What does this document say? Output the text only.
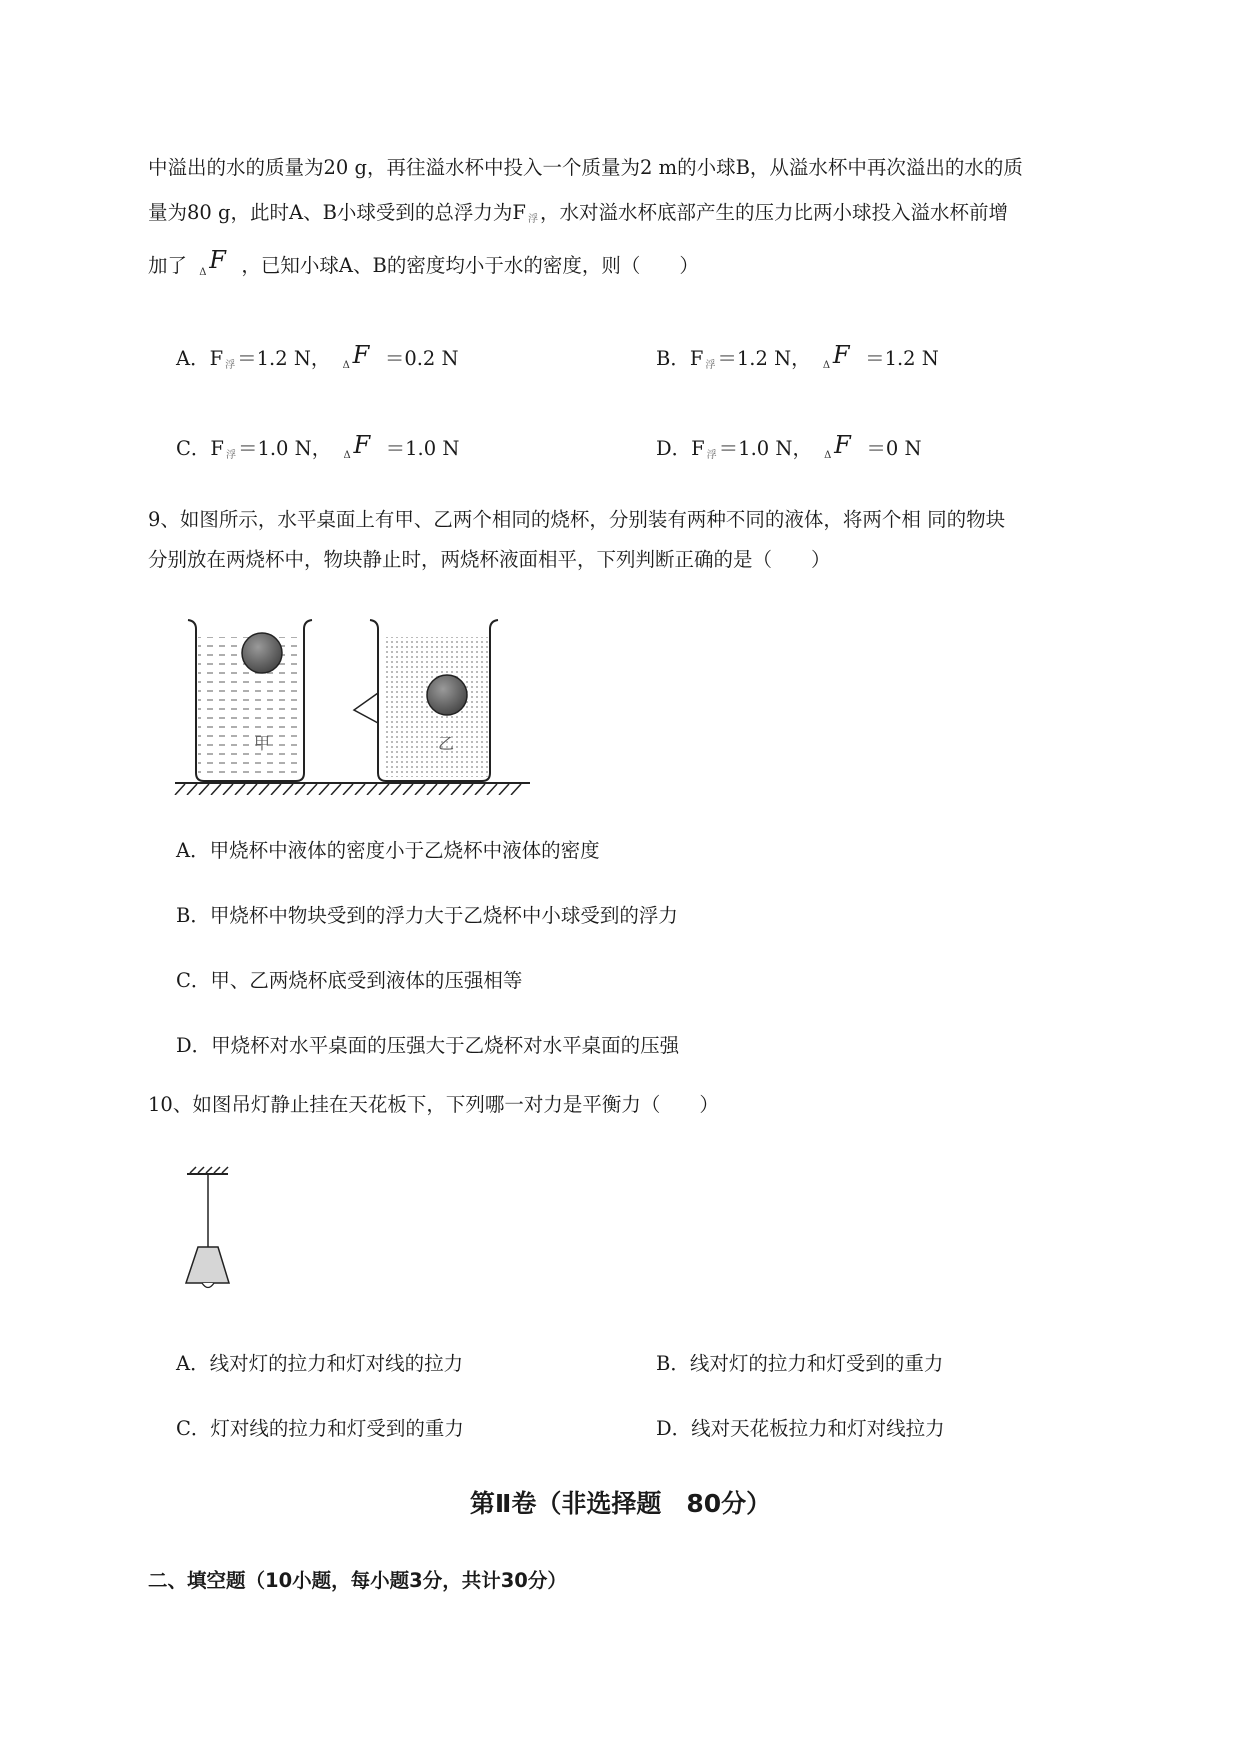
中溢出的水的质量为20 g，再往溢水杯中投入一个质量为2 m的小球B，从溢水杯中再次溢出的水的质
量为80 g，此时A、B小球受到的总浮力为F $_浮$ ，水对溢水杯底部产生的压力比两小球投入溢水杯前增
加了 Δ F ，已知小球A、B的密度均小于水的密度，则（　　）
A．F $_浮$ ＝1.2 N， Δ F ＝0.2 N	B．F $_浮$ ＝1.2 N， Δ F ＝1.2 N
C．F $_浮$ ＝1.0 N， Δ F ＝1.0 N	D．F $_浮$ ＝1.0 N， Δ F ＝0 N
9、如图所示，水平桌面上有甲、乙两个相同的烧杯，分别装有两种不同的液体，将两个相 同的物块
分别放在两烧杯中，物块静止时，两烧杯液面相平，下列判断正确的是（　　）
甲	乙
A．甲烧杯中液体的密度小于乙烧杯中液体的密度
B．甲烧杯中物块受到的浮力大于乙烧杯中小球受到的浮力
C．甲、乙两烧杯底受到液体的压强相等
D．甲烧杯对水平桌面的压强大于乙烧杯对水平桌面的压强
10、如图吊灯静止挂在天花板下，下列哪一对力是平衡力（　　）
A．线对灯的拉力和灯对线的拉力	B．线对灯的拉力和灯受到的重力
C．灯对线的拉力和灯受到的重力	D．线对天花板拉力和灯对线拉力
第Ⅱ卷（非选择题　80分）
二、填空题（10小题，每小题3分，共计30分）
